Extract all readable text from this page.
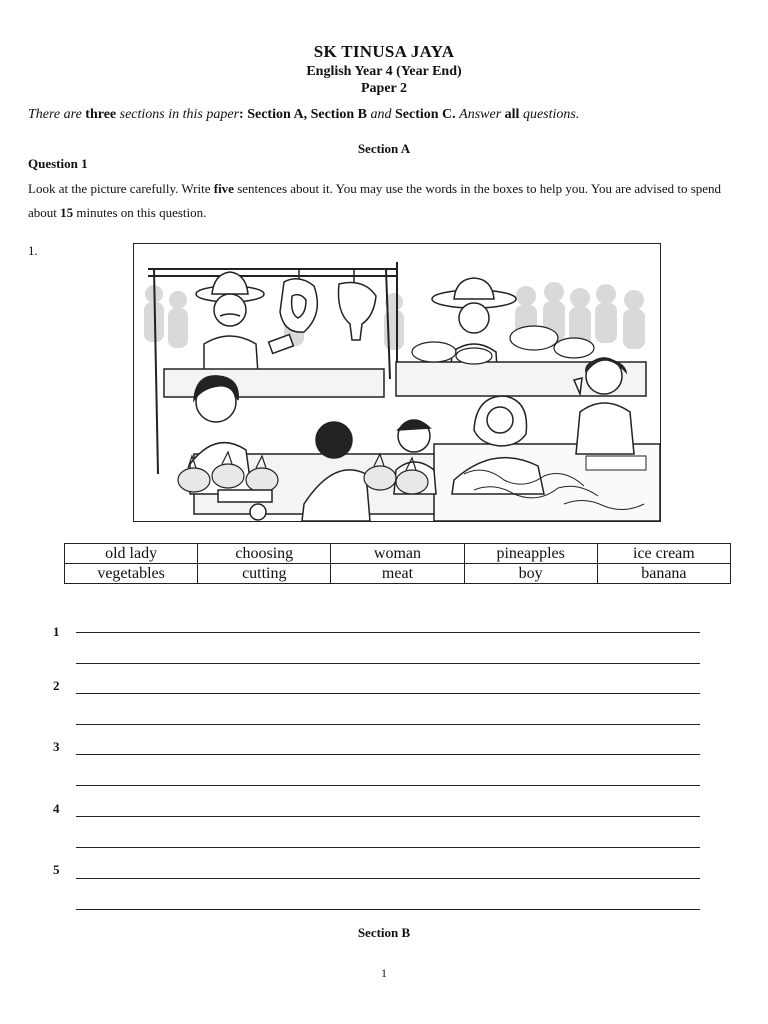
SK TINUSA JAYA
English Year 4 (Year End)
Paper 2
There are three sections in this paper: Section A, Section B and Section C. Answer all questions.
Section A
Question 1
Look at the picture carefully. Write five sentences about it. You may use the words in the boxes to help you. You are advised to spend about 15 minutes on this question.
1.
old lady	choosing	woman	pineapples	ice cream
vegetables	cutting	meat	boy	banana
1
2
3
4
5
Section B
1
